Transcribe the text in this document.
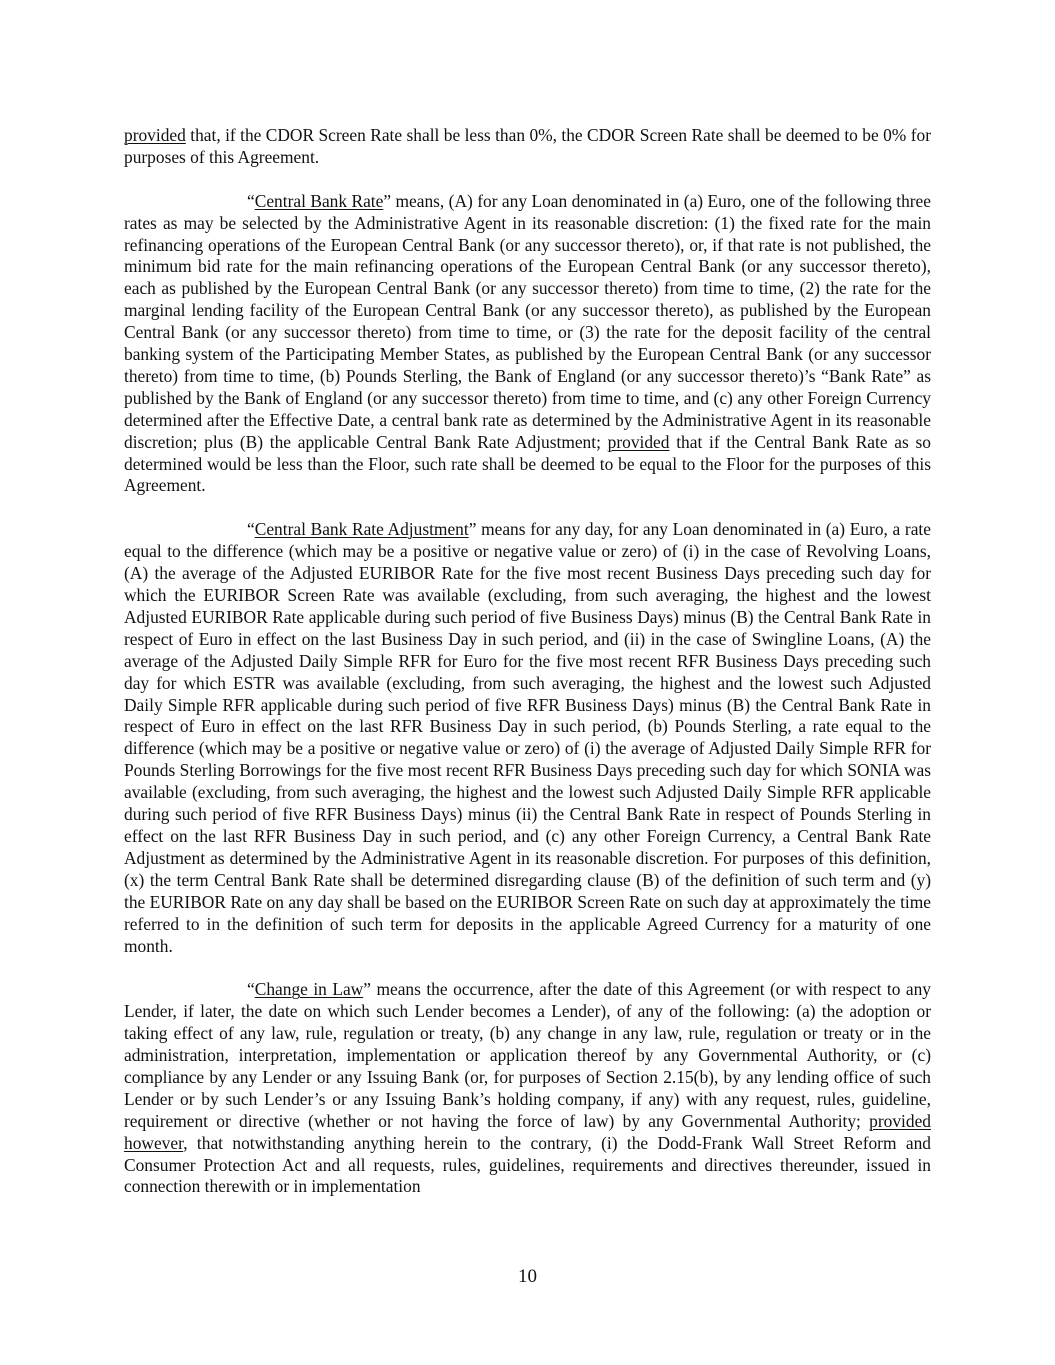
provided that, if the CDOR Screen Rate shall be less than 0%, the CDOR Screen Rate shall be deemed to be 0% for purposes of this Agreement.

“Central Bank Rate” means, (A) for any Loan denominated in (a) Euro, one of the following three rates as may be selected by the Administrative Agent in its reasonable discretion: (1) the fixed rate for the main refinancing operations of the European Central Bank (or any successor thereto), or, if that rate is not published, the minimum bid rate for the main refinancing operations of the European Central Bank (or any successor thereto), each as published by the European Central Bank (or any successor thereto) from time to time, (2) the rate for the marginal lending facility of the European Central Bank (or any successor thereto), as published by the European Central Bank (or any successor thereto) from time to time, or (3) the rate for the deposit facility of the central banking system of the Participating Member States, as published by the European Central Bank (or any successor thereto) from time to time, (b) Pounds Sterling, the Bank of England (or any successor thereto)’s “Bank Rate” as published by the Bank of England (or any successor thereto) from time to time, and (c) any other Foreign Currency determined after the Effective Date, a central bank rate as determined by the Administrative Agent in its reasonable discretion; plus (B) the applicable Central Bank Rate Adjustment; provided that if the Central Bank Rate as so determined would be less than the Floor, such rate shall be deemed to be equal to the Floor for the purposes of this Agreement.

“Central Bank Rate Adjustment” means for any day, for any Loan denominated in (a) Euro, a rate equal to the difference (which may be a positive or negative value or zero) of (i) in the case of Revolving Loans, (A) the average of the Adjusted EURIBOR Rate for the five most recent Business Days preceding such day for which the EURIBOR Screen Rate was available (excluding, from such averaging, the highest and the lowest Adjusted EURIBOR Rate applicable during such period of five Business Days) minus (B) the Central Bank Rate in respect of Euro in effect on the last Business Day in such period, and (ii) in the case of Swingline Loans, (A) the average of the Adjusted Daily Simple RFR for Euro for the five most recent RFR Business Days preceding such day for which ESTR was available (excluding, from such averaging, the highest and the lowest such Adjusted Daily Simple RFR applicable during such period of five RFR Business Days) minus (B) the Central Bank Rate in respect of Euro in effect on the last RFR Business Day in such period, (b) Pounds Sterling, a rate equal to the difference (which may be a positive or negative value or zero) of (i) the average of Adjusted Daily Simple RFR for Pounds Sterling Borrowings for the five most recent RFR Business Days preceding such day for which SONIA was available (excluding, from such averaging, the highest and the lowest such Adjusted Daily Simple RFR applicable during such period of five RFR Business Days) minus (ii) the Central Bank Rate in respect of Pounds Sterling in effect on the last RFR Business Day in such period, and (c) any other Foreign Currency, a Central Bank Rate Adjustment as determined by the Administrative Agent in its reasonable discretion. For purposes of this definition, (x) the term Central Bank Rate shall be determined disregarding clause (B) of the definition of such term and (y) the EURIBOR Rate on any day shall be based on the EURIBOR Screen Rate on such day at approximately the time referred to in the definition of such term for deposits in the applicable Agreed Currency for a maturity of one month.

“Change in Law” means the occurrence, after the date of this Agreement (or with respect to any Lender, if later, the date on which such Lender becomes a Lender), of any of the following: (a) the adoption or taking effect of any law, rule, regulation or treaty, (b) any change in any law, rule, regulation or treaty or in the administration, interpretation, implementation or application thereof by any Governmental Authority, or (c) compliance by any Lender or any Issuing Bank (or, for purposes of Section 2.15(b), by any lending office of such Lender or by such Lender’s or any Issuing Bank’s holding company, if any) with any request, rules, guideline, requirement or directive (whether or not having the force of law) by any Governmental Authority; provided however, that notwithstanding anything herein to the contrary, (i) the Dodd-Frank Wall Street Reform and Consumer Protection Act and all requests, rules, guidelines, requirements and directives thereunder, issued in connection therewith or in implementation

10
